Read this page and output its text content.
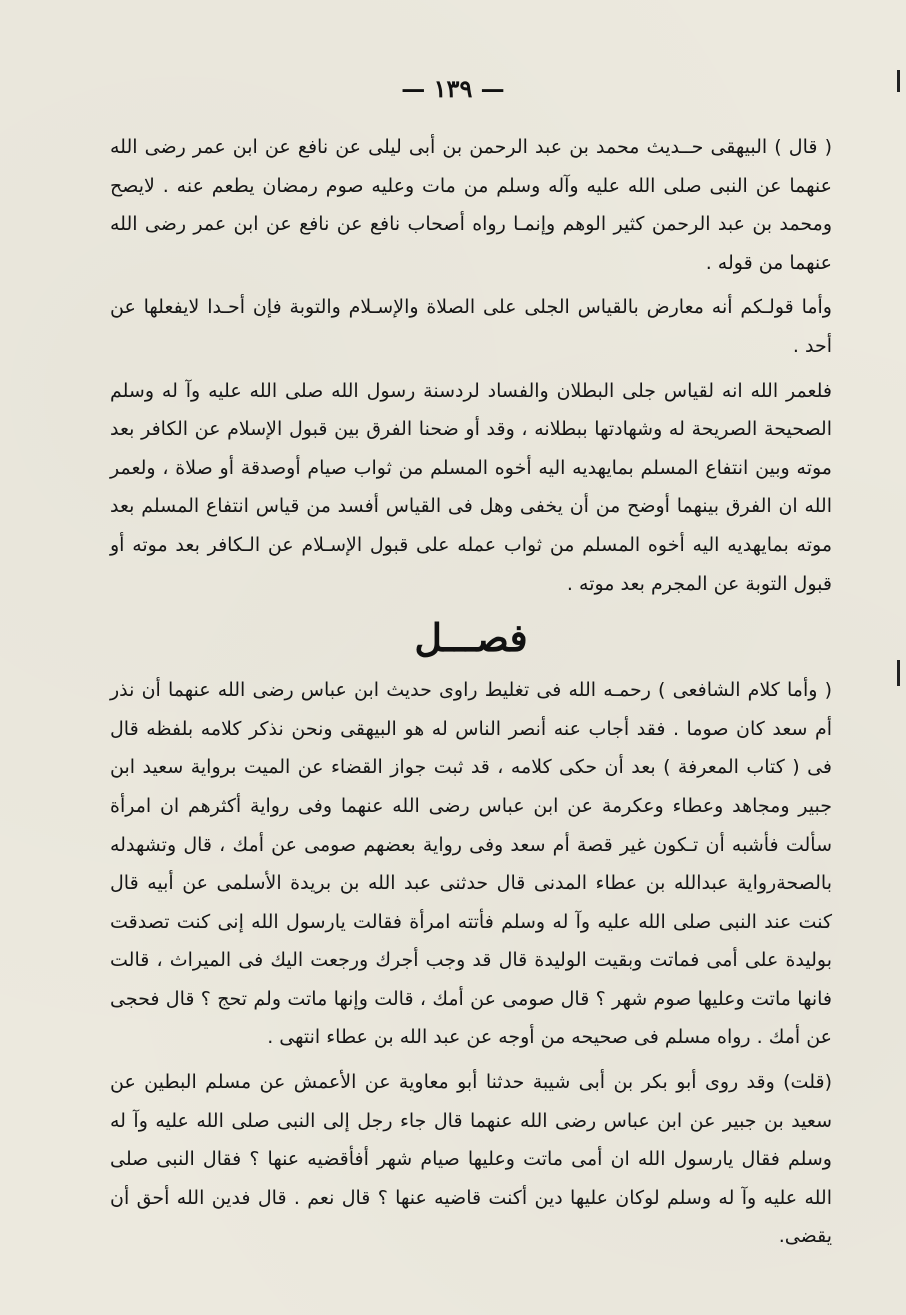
— ١٣٩ —

( قال ) البيهقى حــديث محمد بن عبد الرحمن بن أبى ليلى عن نافع عن ابن عمر رضى الله عنهما عن النبى صلى الله عليه وآله وسلم من مات وعليه صوم رمضان يطعم عنه . لايصح ومحمد بن عبد الرحمن كثير الوهم وإنمـا رواه أصحاب نافع عن نافع عن ابن عمر رضى الله عنهما من قوله .

وأما قولـكم أنه معارض بالقياس الجلى على الصلاة والإسـلام والتوبة فإن أحـدا لايفعلها عن أحد .

فلعمر الله انه لقياس جلى البطلان والفساد لردسنة رسول الله صلى الله عليه وآ له وسلم الصحيحة الصريحة له وشهادتها ببطلانه ، وقد أو ضحنا الفرق بين قبول الإسلام عن الكافر بعد موته وبين انتفاع المسلم بمايهديه اليه أخوه المسلم من ثواب صيام أوصدقة أو صلاة ، ولعمر الله ان الفرق بينهما أوضح من أن يخفى وهل فى القياس أفسد من قياس انتفاع المسلم بعد موته بمايهديه اليه أخوه المسلم من ثواب عمله على قبول الإسـلام عن الـكافر بعد موته أو قبول التوبة عن المجرم بعد موته .

فصـــل

( وأما كلام الشافعى ) رحمـه الله فى تغليط راوى حديث ابن عباس رضى الله عنهما أن نذر أم سعد كان صوما . فقد أجاب عنه أنصر الناس له هو البيهقى ونحن نذكر كلامه بلفظه قال فى ( كتاب المعرفة ) بعد أن حكى كلامه ، قد ثبت جواز القضاء عن الميت برواية سعيد ابن جبير ومجاهد وعطاء وعكرمة عن ابن عباس رضى الله عنهما وفى رواية أكثرهم ان امرأة سألت فأشبه أن تـكون غير قصة أم سعد وفى رواية بعضهم صومى عن أمك ، قال وتشهدله بالصحةرواية عبدالله بن عطاء المدنى قال حدثنى عبد الله بن بريدة الأسلمى عن أبيه قال كنت عند النبى صلى الله عليه وآ له وسلم فأتته امرأة فقالت يارسول الله إنى كنت تصدقت بوليدة على أمى فماتت وبقيت الوليدة قال قد وجب أجرك ورجعت اليك فى الميراث ، قالت فانها ماتت وعليها صوم شهر ؟ قال صومى عن أمك ، قالت وإنها ماتت ولم تحج ؟ قال فحجى عن أمك . رواه مسلم فى صحيحه من أوجه عن عبد الله بن عطاء انتهى .

(قلت) وقد روى أبو بكر بن أبى شيبة حدثنا أبو معاوية عن الأعمش عن مسلم البطين عن سعيد بن جبير عن ابن عباس رضى الله عنهما قال جاء رجل إلى النبى صلى الله عليه وآ له وسلم فقال يارسول الله ان أمى ماتت وعليها صيام شهر أفأقضيه عنها ؟ فقال النبى صلى الله عليه وآ له وسلم لوكان عليها دين أكنت قاضيه عنها ؟ قال نعم . قال فدين الله أحق أن يقضى.
